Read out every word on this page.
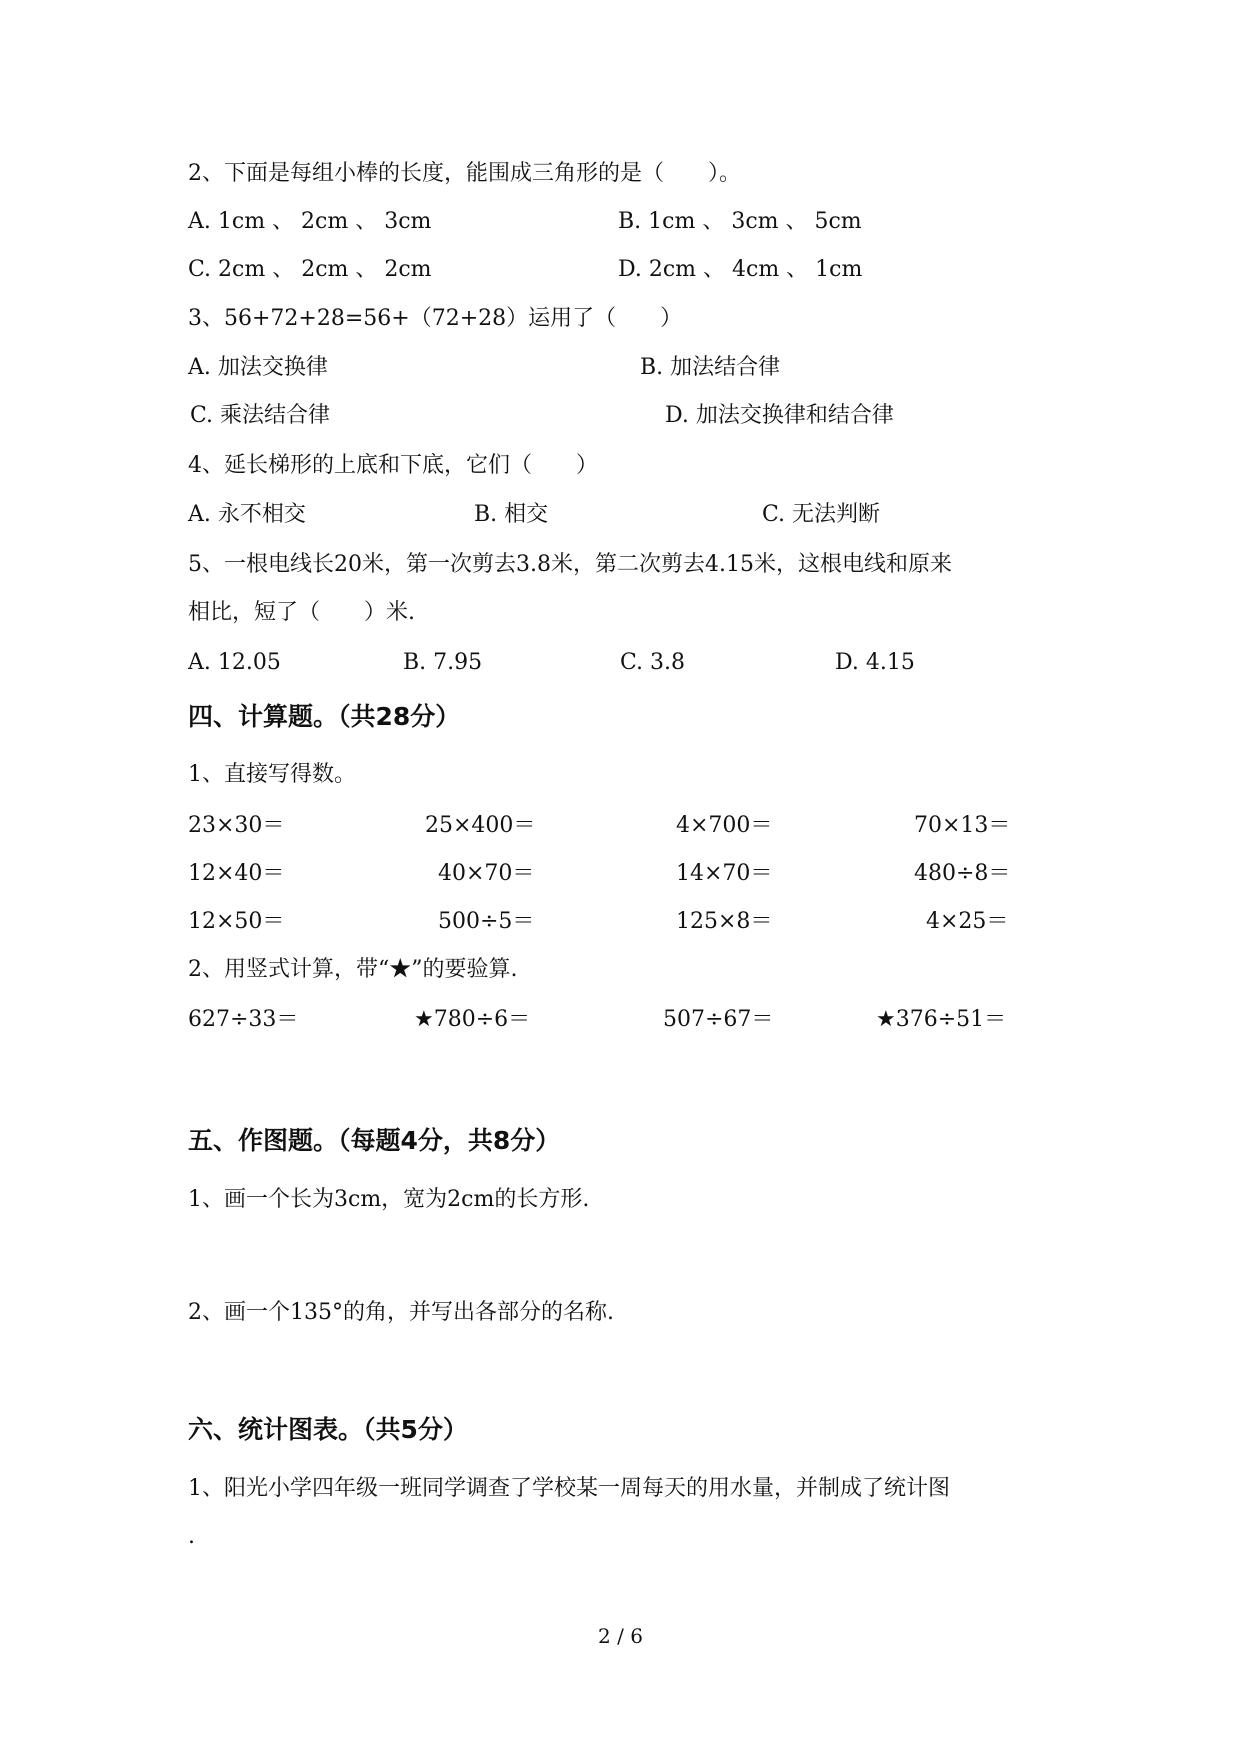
2、下面是每组小棒的长度，能围成三角形的是（　　）。
A. 1cm 、 2cm 、 3cm	B. 1cm 、 3cm 、 5cm
C. 2cm 、 2cm 、 2cm	D. 2cm 、 4cm 、 1cm
3、56+72+28=56+（72+28）运用了（　　）
A. 加法交换律	B. 加法结合律
C. 乘法结合律	D. 加法交换律和结合律
4、延长梯形的上底和下底，它们（　　）
A. 永不相交	B. 相交	C. 无法判断
5、一根电线长20米，第一次剪去3.8米，第二次剪去4.15米，这根电线和原来
相比，短了（　　）米.
A. 12.05	B. 7.95	C. 3.8	D. 4.15
四、计算题。（共28分）
1、直接写得数。
23×30＝	25×400＝	4×700＝	70×13＝
12×40＝	40×70＝	14×70＝	480÷8＝
12×50＝	500÷5＝	125×8＝	4×25＝
2、用竖式计算，带“★”的要验算.
627÷33＝	★780÷6＝	507÷67＝	★376÷51＝
五、作图题。（每题4分，共8分）
1、画一个长为3cm，宽为2cm的长方形.
2、画一个135°的角，并写出各部分的名称.
六、统计图表。（共5分）
1、阳光小学四年级一班同学调查了学校某一周每天的用水量，并制成了统计图
.
2 / 6
